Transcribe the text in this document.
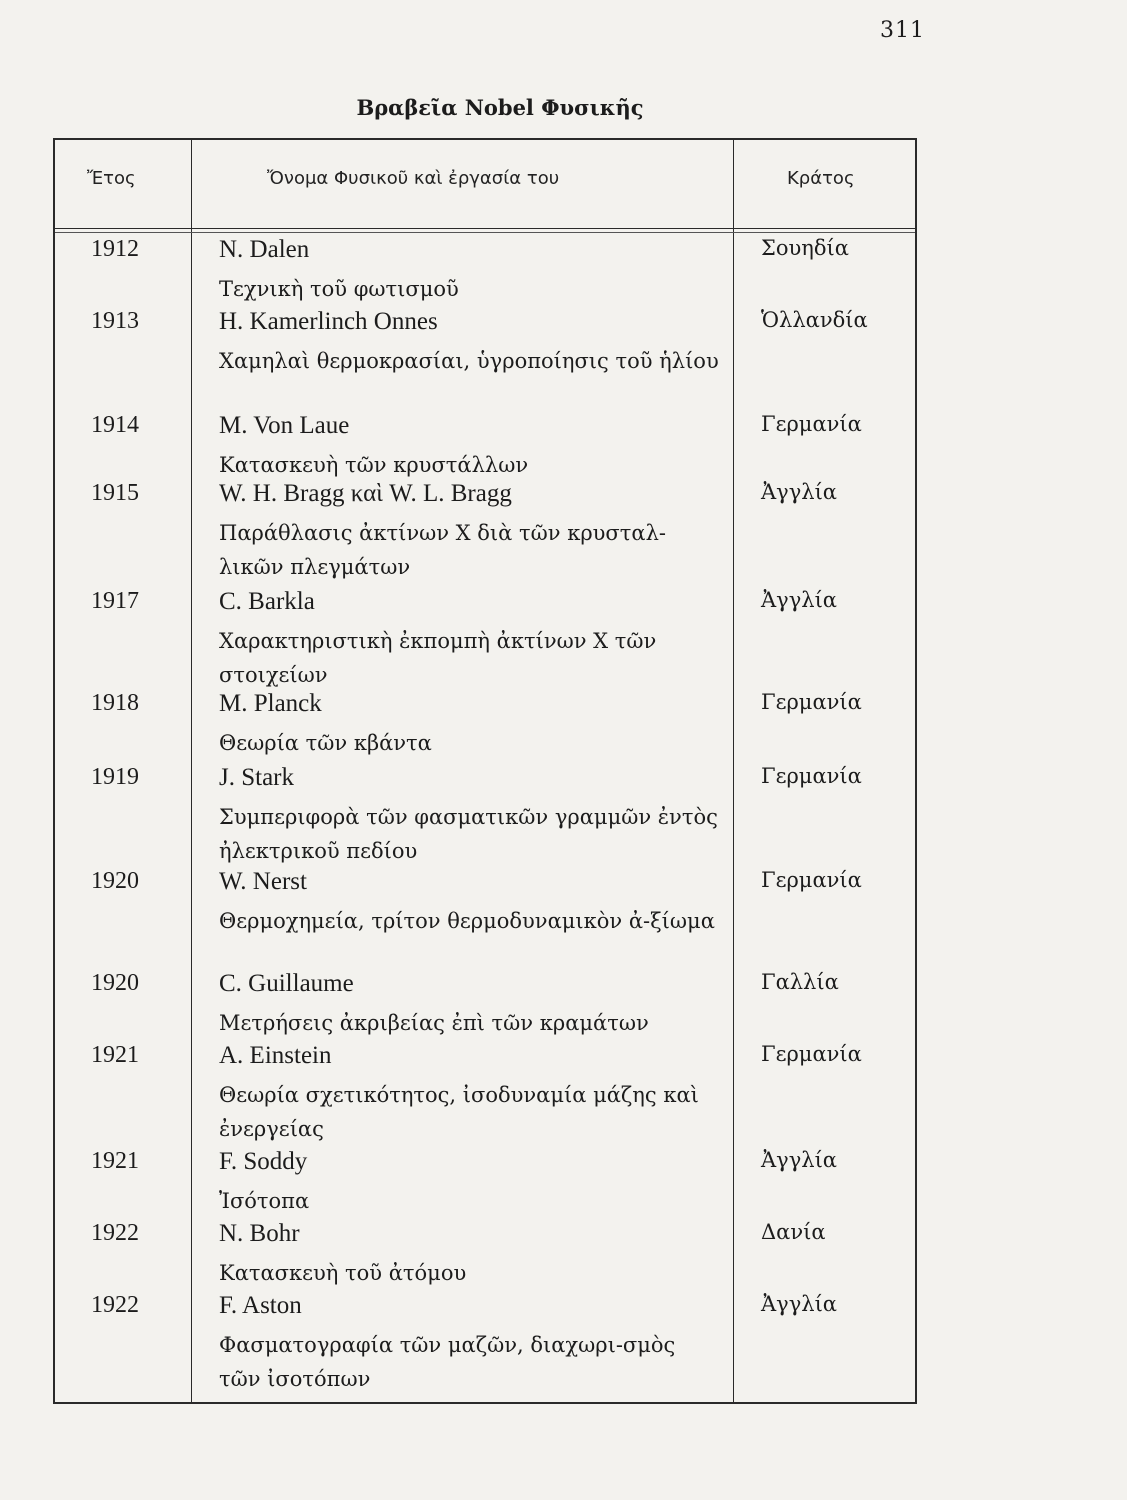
311
Βραβεῖα Nobel Φυσικῆς
Ἔτος	Ὄνομα Φυσικοῦ καὶ ἐργασία του	Κράτος
1912	N. Dalen	Σουηδία
Τεχνικὴ τοῦ φωτισμοῦ
1913	H. Kamerlinch Onnes	Ὁλλανδία
Χαμηλαὶ θερμοκρασίαι, ὑγροποίησις τοῦ ἡλίου
1914	M. Von Laue	Γερμανία
Κατασκευὴ τῶν κρυστάλλων
1915	W. H. Bragg καὶ W. L. Bragg	Ἀγγλία
Παράθλασις ἀκτίνων X διὰ τῶν κρυσταλ-λικῶν πλεγμάτων
1917	C. Barkla	Ἀγγλία
Χαρακτηριστικὴ ἐκπομπὴ ἀκτίνων X τῶν στοιχείων
1918	M. Planck	Γερμανία
Θεωρία τῶν κβάντα
1919	J. Stark	Γερμανία
Συμπεριφορὰ τῶν φασματικῶν γραμμῶν ἐντὸς ἠλεκτρικοῦ πεδίου
1920	W. Nerst	Γερμανία
Θερμοχημεία, τρίτον θερμοδυναμικὸν ἀ-ξίωμα
1920	C. Guillaume	Γαλλία
Μετρήσεις ἀκριβείας ἐπὶ τῶν κραμάτων
1921	A. Einstein	Γερμανία
Θεωρία σχετικότητος, ἰσοδυναμία μάζης καὶ ἐνεργείας
1921	F. Soddy	Ἀγγλία
Ἰσότοπα
1922	N. Bohr	Δανία
Κατασκευὴ τοῦ ἀτόμου
1922	F. Aston	Ἀγγλία
Φασματογραφία τῶν μαζῶν, διαχωρι-σμὸς τῶν ἰσοτόπων
